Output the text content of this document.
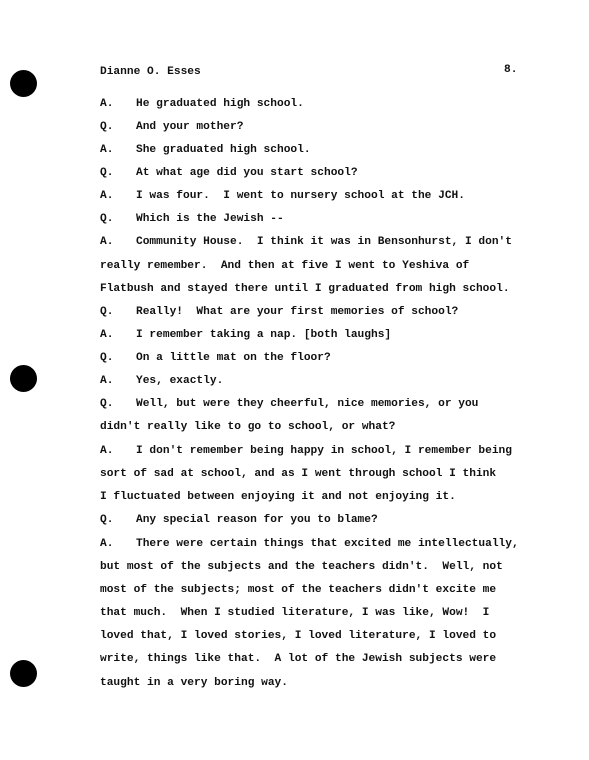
Dianne O. Esses	8.
A. He graduated high school.
Q. And your mother?
A. She graduated high school.
Q. At what age did you start school?
A. I was four.  I went to nursery school at the JCH.
Q. Which is the Jewish --
A. Community House.  I think it was in Bensonhurst, I don't
really remember.  And then at five I went to Yeshiva of
Flatbush and stayed there until I graduated from high school.
Q. Really!  What are your first memories of school?
A. I remember taking a nap. [both laughs]
Q. On a little mat on the floor?
A. Yes, exactly.
Q. Well, but were they cheerful, nice memories, or you
didn't really like to go to school, or what?
A. I don't remember being happy in school, I remember being
sort of sad at school, and as I went through school I think
I fluctuated between enjoying it and not enjoying it.
Q. Any special reason for you to blame?
A. There were certain things that excited me intellectually,
but most of the subjects and the teachers didn't.  Well, not
most of the subjects; most of the teachers didn't excite me
that much.  When I studied literature, I was like, Wow!  I
loved that, I loved stories, I loved literature, I loved to
write, things like that.  A lot of the Jewish subjects were
taught in a very boring way.
